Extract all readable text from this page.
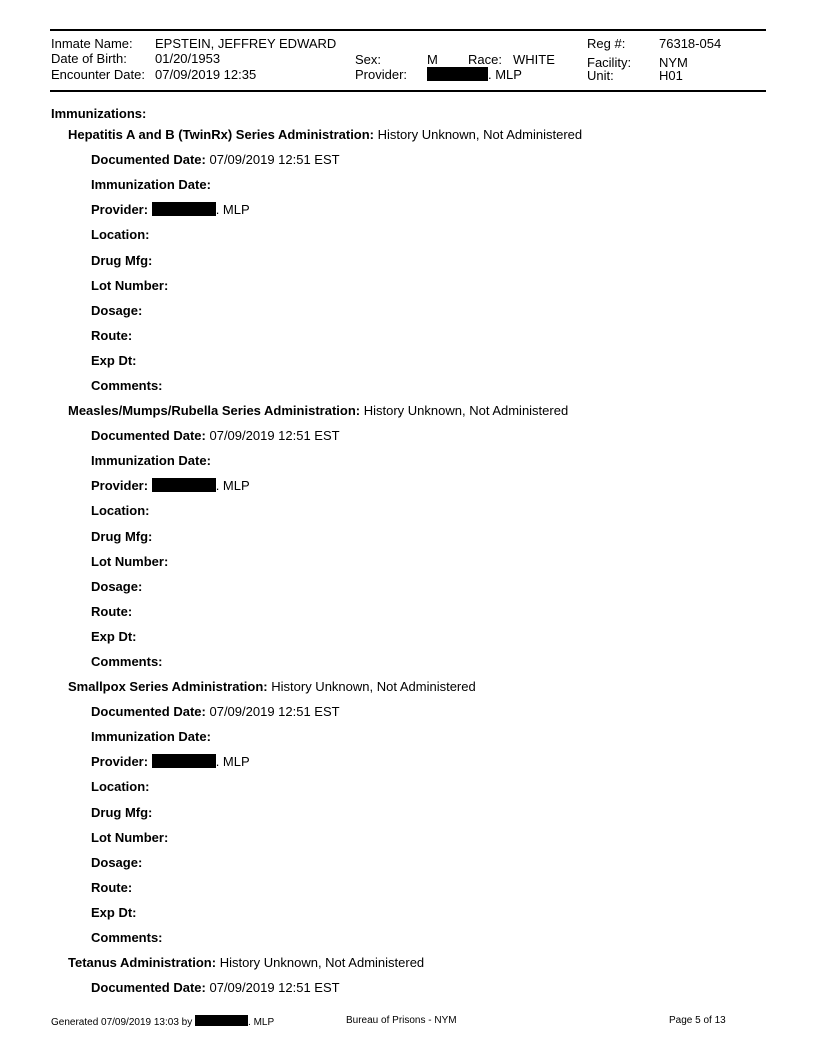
Inmate Name: EPSTEIN, JEFFREY EDWARD
Date of Birth: 01/20/1953
Encounter Date: 07/09/2019 12:35
Sex:	M Race: WHITE
Provider:	. MLP
Reg #:	76318-054
Facility: NYM
Unit:	H01
Immunizations:
Hepatitis A and B (TwinRx) Series Administration: History Unknown, Not Administered
Documented Date: 07/09/2019 12:51 EST
Immunization Date:
Provider:	. MLP
Location:
Drug Mfg:
Lot Number:
Dosage:
Route:
Exp Dt:
Comments:
Measles/Mumps/Rubella Series Administration: History Unknown, Not Administered
Documented Date: 07/09/2019 12:51 EST
Immunization Date:
Provider:	. MLP
Location:
Drug Mfg:
Lot Number:
Dosage:
Route:
Exp Dt:
Comments:
Smallpox Series Administration: History Unknown, Not Administered
Documented Date: 07/09/2019 12:51 EST
Immunization Date:
Provider:	. MLP
Location:
Drug Mfg:
Lot Number:
Dosage:
Route:
Exp Dt:
Comments:
Tetanus Administration: History Unknown, Not Administered
Documented Date: 07/09/2019 12:51 EST
Generated 07/09/2019 13:03 by	. MLP	Bureau of Prisons - NYM	Page 5 of 13
